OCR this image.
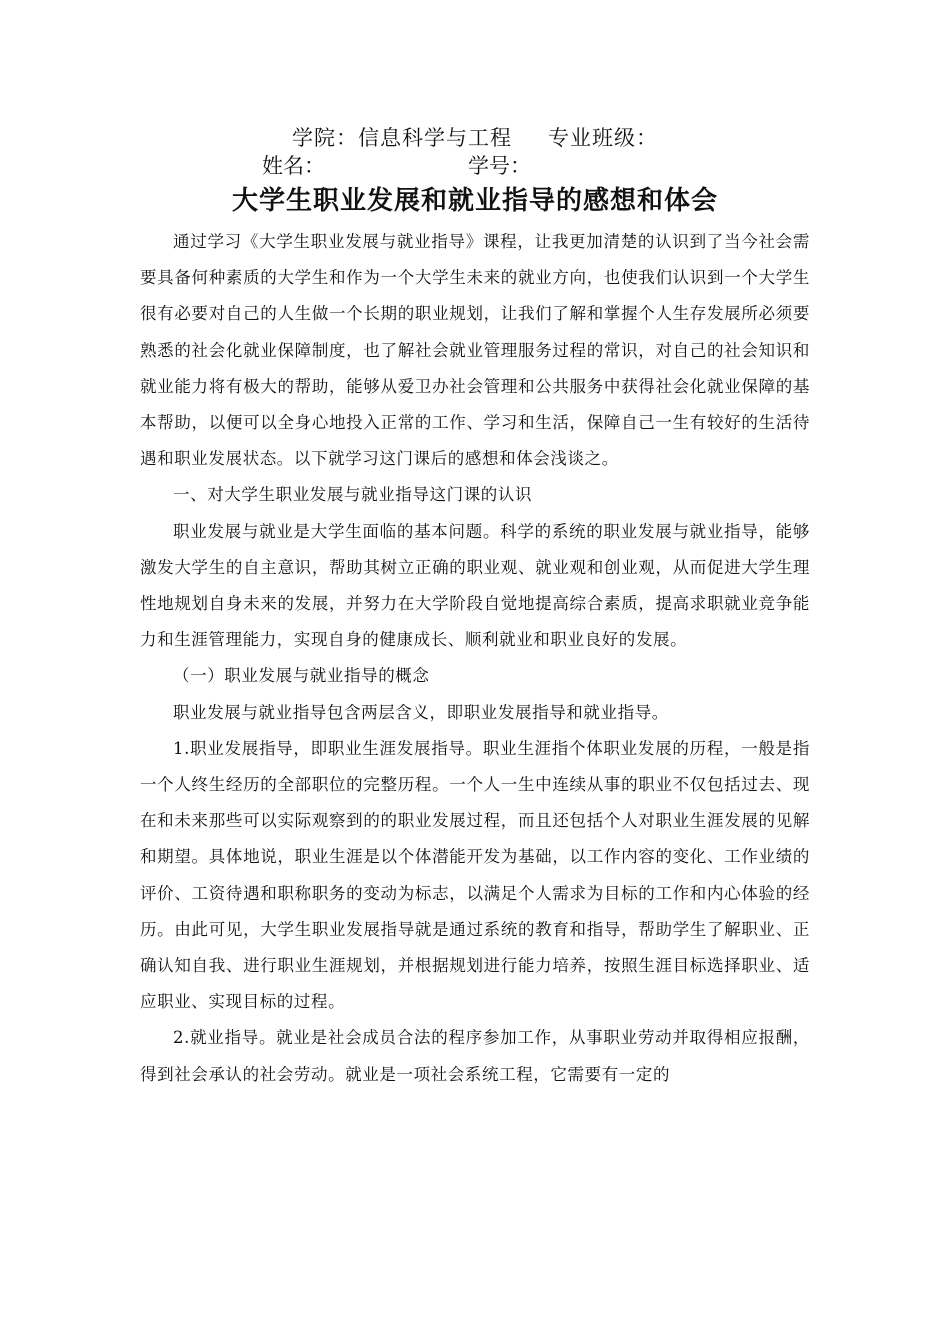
学院：信息科学与工程 专业班级：
姓名：	学号：
大学生职业发展和就业指导的感想和体会

通过学习《大学生职业发展与就业指导》课程，让我更加清楚的认识到了当今社会需要具备何种素质的大学生和作为一个大学生未来的就业方向，也使我们认识到一个大学生很有必要对自己的人生做一个长期的职业规划，让我们了解和掌握个人生存发展所必须要熟悉的社会化就业保障制度，也了解社会就业管理服务过程的常识，对自己的社会知识和就业能力将有极大的帮助，能够从爱卫办社会管理和公共服务中获得社会化就业保障的基本帮助，以便可以全身心地投入正常的工作、学习和生活，保障自己一生有较好的生活待遇和职业发展状态。以下就学习这门课后的感想和体会浅谈之。

一、对大学生职业发展与就业指导这门课的认识

职业发展与就业是大学生面临的基本问题。科学的系统的职业发展与就业指导，能够激发大学生的自主意识，帮助其树立正确的职业观、就业观和创业观，从而促进大学生理性地规划自身未来的发展，并努力在大学阶段自觉地提高综合素质，提高求职就业竞争能力和生涯管理能力，实现自身的健康成长、顺利就业和职业良好的发展。

（一）职业发展与就业指导的概念

职业发展与就业指导包含两层含义，即职业发展指导和就业指导。

1.职业发展指导，即职业生涯发展指导。职业生涯指个体职业发展的历程，一般是指一个人终生经历的全部职位的完整历程。一个人一生中连续从事的职业不仅包括过去、现在和未来那些可以实际观察到的的职业发展过程，而且还包括个人对职业生涯发展的见解和期望。具体地说，职业生涯是以个体潜能开发为基础，以工作内容的变化、工作业绩的评价、工资待遇和职称职务的变动为标志，以满足个人需求为目标的工作和内心体验的经历。由此可见，大学生职业发展指导就是通过系统的教育和指导，帮助学生了解职业、正确认知自我、进行职业生涯规划，并根据规划进行能力培养，按照生涯目标选择职业、适应职业、实现目标的过程。

2.就业指导。就业是社会成员合法的程序参加工作，从事职业劳动并取得相应报酬，得到社会承认的社会劳动。就业是一项社会系统工程，它需要有一定的
